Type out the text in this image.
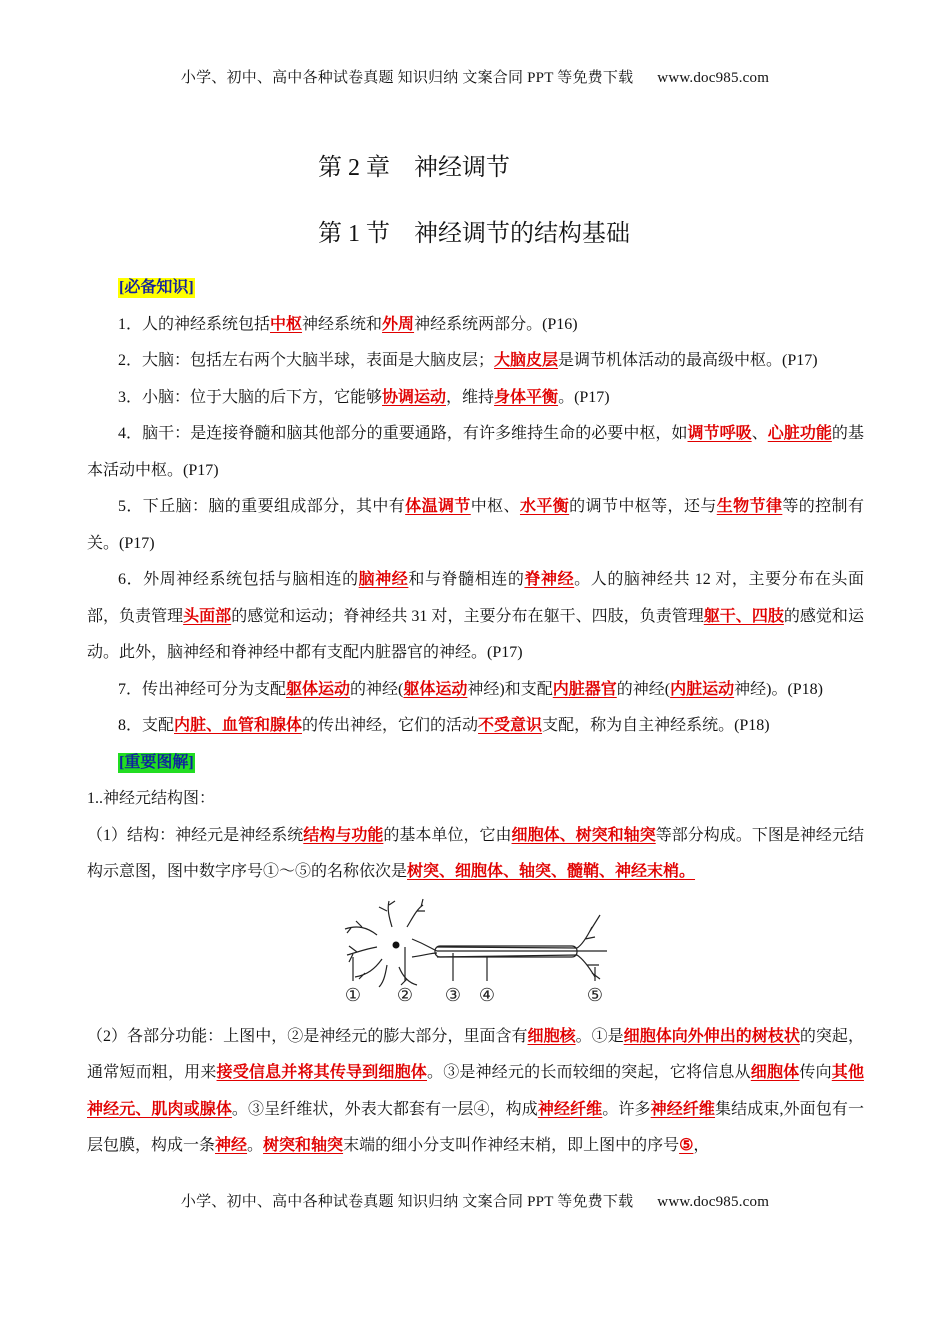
小学、初中、高中各种试卷真题 知识归纳 文案合同 PPT 等免费下载 www.doc985.com
第 2 章    神经调节
第 1 节    神经调节的结构基础

[必备知识]

1．人的神经系统包括中枢神经系统和外周神经系统两部分。(P16)

2．大脑：包括左右两个大脑半球，表面是大脑皮层；大脑皮层是调节机体活动的最高级中枢。(P17)

3．小脑：位于大脑的后下方，它能够协调运动，维持身体平衡。(P17)

4．脑干：是连接脊髓和脑其他部分的重要通路，有许多维持生命的必要中枢，如调节呼吸、心脏功能的基本活动中枢。(P17)

5．下丘脑：脑的重要组成部分，其中有体温调节中枢、水平衡的调节中枢等，还与生物节律等的控制有关。(P17)

6．外周神经系统包括与脑相连的脑神经和与脊髓相连的脊神经。人的脑神经共 12 对，主要分布在头面部，负责管理头面部的感觉和运动；脊神经共 31 对，主要分布在躯干、四肢，负责管理躯干、四肢的感觉和运动。此外，脑神经和脊神经中都有支配内脏器官的神经。(P17)

7．传出神经可分为支配躯体运动的神经(躯体运动神经)和支配内脏器官的神经(内脏运动神经)。(P18)

8．支配内脏、血管和腺体的传出神经，它们的活动不受意识支配，称为自主神经系统。(P18)

[重要图解]

1..神经元结构图：

（1）结构：神经元是神经系统结构与功能的基本单位，它由细胞体、树突和轴突等部分构成。下图是神经元结构示意图，图中数字序号①～⑤的名称依次是树突、细胞体、轴突、髓鞘、神经末梢。

① ② ③ ④	⑤

（2）各部分功能：上图中，②是神经元的膨大部分，里面含有细胞核。①是细胞体向外伸出的树枝状的突起，通常短而粗，用来接受信息并将其传导到细胞体。③是神经元的长而较细的突起，它将信息从细胞体传向其他神经元、肌肉或腺体。③呈纤维状，外表大都套有一层④，构成神经纤维。许多神经纤维集结成束,外面包有一层包膜，构成一条神经。树突和轴突末端的细小分支叫作神经末梢，即上图中的序号⑤，

小学、初中、高中各种试卷真题 知识归纳 文案合同 PPT 等免费下载 www.doc985.com
